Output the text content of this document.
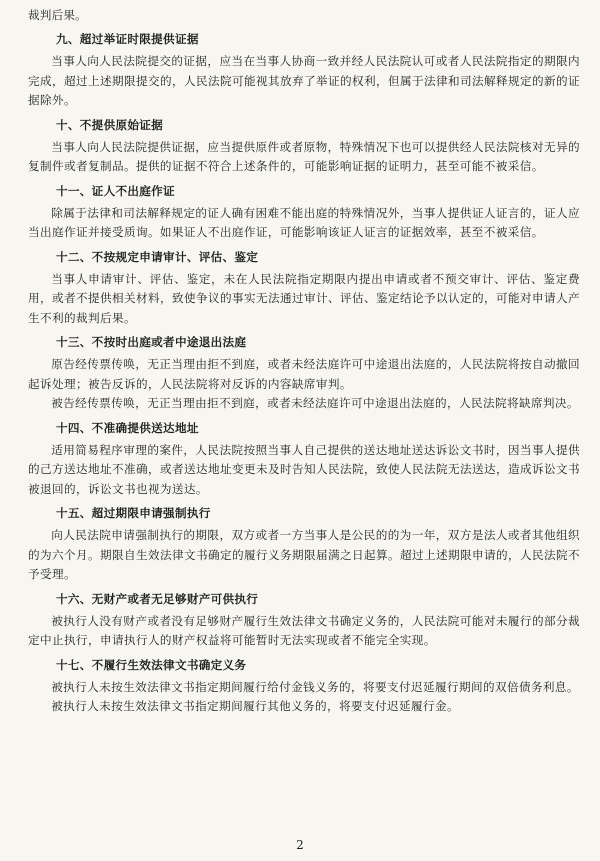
裁判后果。

九、超过举证时限提供证据

当事人向人民法院提交的证据，应当在当事人协商一致并经人民法院认可或者人民法院指定的期限内完成，超过上述期限提交的，人民法院可能视其放弃了举证的权利，但属于法律和司法解释规定的新的证据除外。

十、不提供原始证据

当事人向人民法院提供证据，应当提供原件或者原物，特殊情况下也可以提供经人民法院核对无异的复制件或者复制品。提供的证据不符合上述条件的，可能影响证据的证明力，甚至可能不被采信。

十一、证人不出庭作证

除属于法律和司法解释规定的证人确有困难不能出庭的特殊情况外，当事人提供证人证言的，证人应当出庭作证并接受质询。如果证人不出庭作证，可能影响该证人证言的证据效率，甚至不被采信。

十二、不按规定申请审计、评估、鉴定

当事人申请审计、评估、鉴定，未在人民法院指定期限内提出申请或者不预交审计、评估、鉴定费用，或者不提供相关材料，致使争议的事实无法通过审计、评估、鉴定结论予以认定的，可能对申请人产生不利的裁判后果。

十三、不按时出庭或者中途退出法庭

原告经传票传唤，无正当理由拒不到庭，或者未经法庭许可中途退出法庭的，人民法院将按自动撤回起诉处理；被告反诉的，人民法院将对反诉的内容缺席审判。

被告经传票传唤，无正当理由拒不到庭，或者未经法庭许可中途退出法庭的，人民法院将缺席判决。

十四、不准确提供送达地址

适用简易程序审理的案件，人民法院按照当事人自己提供的送达地址送达诉讼文书时，因当事人提供的己方送达地址不准确，或者送达地址变更未及时告知人民法院，致使人民法院无法送达，造成诉讼文书被退回的，诉讼文书也视为送达。

十五、超过期限申请强制执行

向人民法院申请强制执行的期限，双方或者一方当事人是公民的的为一年，双方是法人或者其他组织的为六个月。期限自生效法律文书确定的履行义务期限届满之日起算。超过上述期限申请的，人民法院不予受理。

十六、无财产或者无足够财产可供执行

被执行人没有财产或者没有足够财产履行生效法律文书确定义务的，人民法院可能对未履行的部分裁定中止执行，申请执行人的财产权益将可能暂时无法实现或者不能完全实现。

十七、不履行生效法律文书确定义务

被执行人未按生效法律文书指定期间履行给付金钱义务的，将要支付迟延履行期间的双倍债务利息。

被执行人未按生效法律文书指定期间履行其他义务的，将要支付迟延履行金。

2
